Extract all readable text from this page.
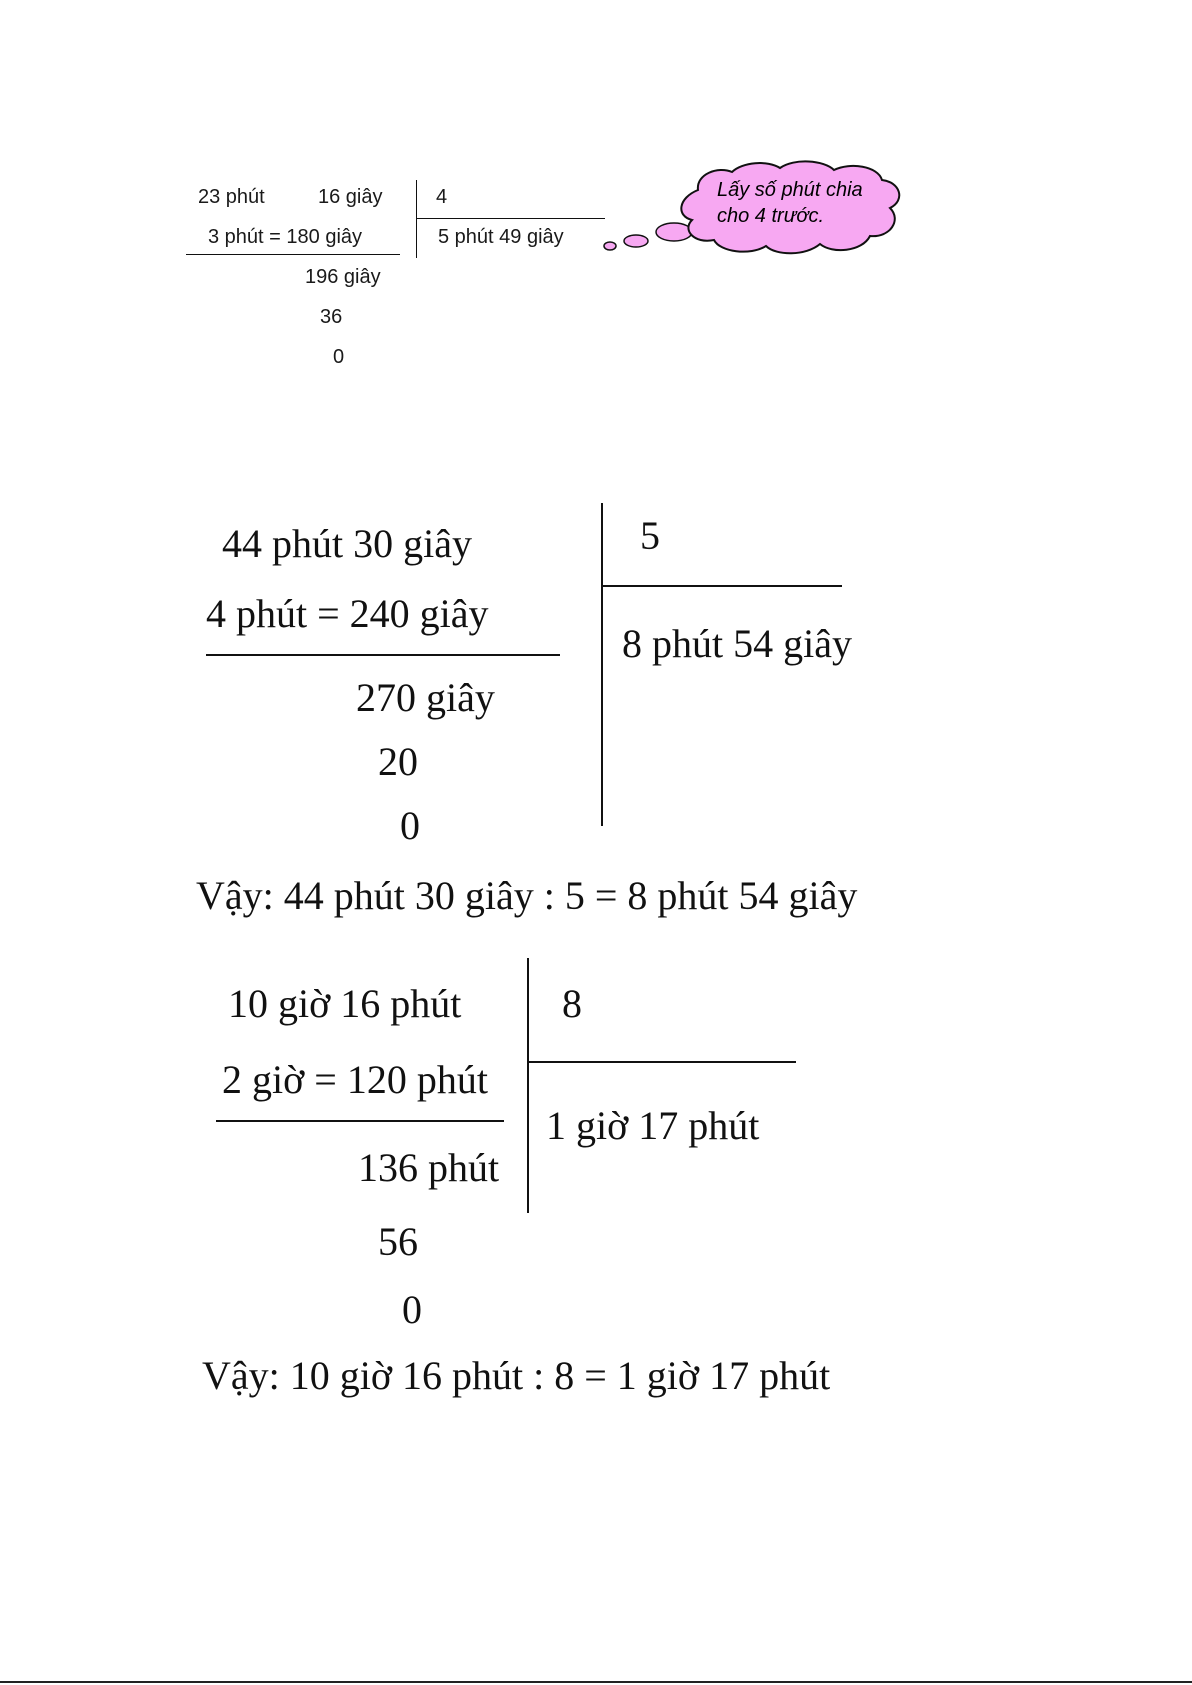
23 phút	16 giây	4
3 phút = 180 giây	5 phút 49 giây
196 giây
36
0
Lấy số phút chia
cho 4 trước.
44 phút 30 giây	5
4 phút = 240 giây
8 phút 54 giây
270 giây
20
0
Vậy: 44 phút 30 giây : 5 = 8 phút 54 giây
10 giờ 16 phút	8
2 giờ = 120 phút
1 giờ 17 phút
136 phút
56
0
Vậy: 10 giờ 16 phút : 8 = 1 giờ 17 phút
